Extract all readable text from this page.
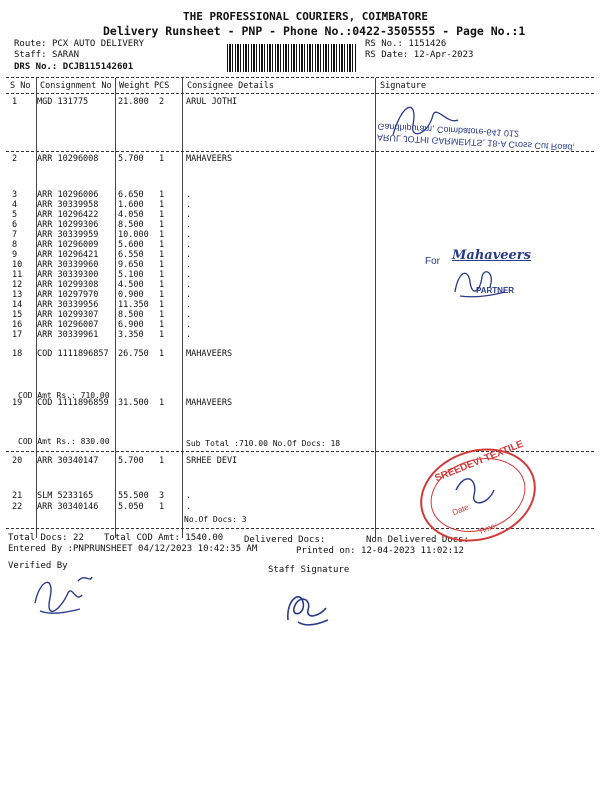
THE PROFESSIONAL COURIERS, COIMBATORE
Delivery Runsheet - PNP - Phone No.:0422-3505555 - Page No.:1
Route: PCX AUTO DELIVERY
Staff: SARAN
DRS No.: DCJB115142601
RS No.: 1151426
RS Date: 12-Apr-2023
S No Consignment No Weight PCS Consignee Details	Signature
1 MGD 131775	21.800 2	ARUL JOTHI
2 ARR 10296008 5.700 1	MAHAVEERS
3 ARR 10296006 6.650 1	.
4 ARR 30339958 1.600 1	.
5 ARR 10296422 4.050 1	.
6 ARR 10299306 8.500 1	.
7 ARR 30339959 10.000 1	.
8 ARR 10296009 5.600 1	.
9 ARR 10296421 6.550 1	.
10 ARR 30339960 9.650 1	.
11 ARR 30339300 5.100 1	.
12 ARR 10299308 4.500 1	.
13 ARR 10297970 0.900 1	.
14 ARR 30339956 11.350 1	.
15 ARR 10299307 8.500 1	.
16 ARR 10296007 6.900 1	.
17 ARR 30339961 3.350 1	.
18 COD 1111896857 26.750 1	MAHAVEERS
19 COD 1111896859 31.500 1	MAHAVEERS
20 ARR 30340147 5.700 1	SRHEE DEVI
21 SLM 5233165	55.500 3	.
22 ARR 30340146 5.050 1	.
COD Amt Rs.: 710.00
COD Amt Rs.: 830.00	Sub Total :710.00 No.Of Docs: 18
No.Of Docs: 3
Total Docs: 22 Total COD Amt: 1540.00 Delivered Docs:	Non Delivered Docs:
Entered By :PNPRUNSHEET 04/12/2023 10:42:35 AM	Printed on: 12-04-2023 11:02:12
Verified By	Staff Signature
ARUL JOTHI GARMENTS, 18-A Cross Cut Road, Gandhipuram, Coimbatore-641 012
For Mahaveers
PARTNER
SREEDEVI TEXTILE
Date:
Time:
